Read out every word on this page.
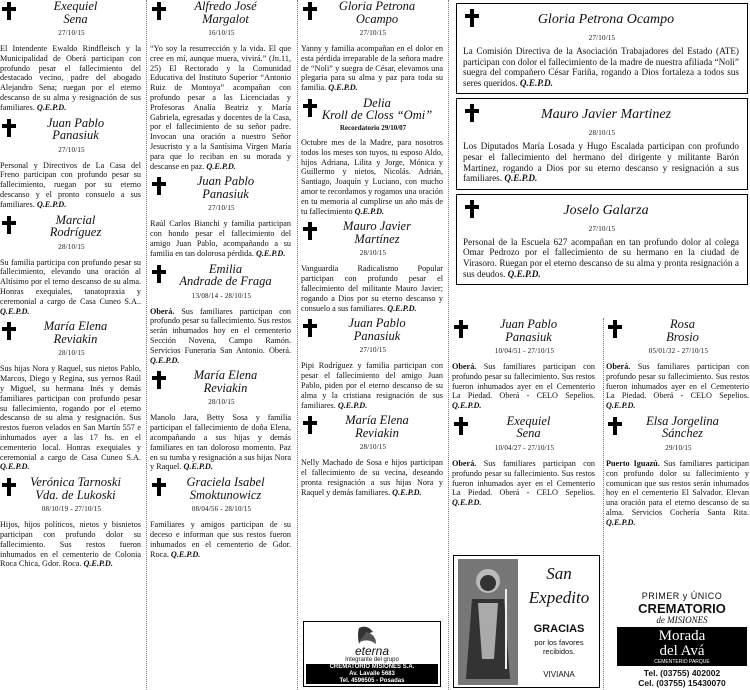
Exequiel
Sena
27/10/15
El Intendente Ewaldo Rindfleisch y la Municipalidad de Oberá participan con profundo pesar el fallecimiento del destacado vecino, padre del abogado Alejandro Sena; ruegan por el eterno descanso de su alma y resignación de sus familiares. Q.E.P.D.
Juan Pablo
Panasiuk
27/10/15
Personal y Directivos de La Casa del Freno participan con profundo pesar su fallecimiento, ruegan por su eterno descanso y el pronto consuelo a sus familiares. Q.E.P.D.
Marcial
Rodríguez
28/10/15
Su familia participa con profundo pesar su fallecimiento, elevando una oración al Altísimo por el terno descanso de su alma. Honras exequiales, tanatopraxia y ceremonial a cargo de Casa Cuneo S.A.. Q.E.P.D.
María Elena
Reviakin
28/10/15
Sus hijas Nora y Raquel, sus nietos Pablo, Marcos, Diego y Regina, sus yernos Raúl y Miguel, su hermana Inés y demás familiares participan con profundo pesar su fallecimiento, rogando por el eterno descanso de su alma y resignación. Sus restos fueron velados en San Martín 557 e inhumados ayer a las 17 hs. en el cementerio local. Honras exequiales y ceremonial a cargo de Casa Cuneo S.A. Q.E.P.D.
Verónica Tarnoski
Vda. de Lukoski
08/10/19 - 27/10/15
Hijos, hijos políticos, nietos y bisnietos participan con profundo dolor su fallecimiento. Sus restos fueron inhumados en el cementerio de Colonia Roca Chica, Gdor. Roca. Q.E.P.D.
Alfredo José
Margalot
16/10/15
“Yo soy la resurrección y la vida. El que cree en mí, aunque muera, vivirá.” (Jn.11, 25) El Rectorado y la Comunidad Educativa del Instituto Superior “Antonio Ruiz de Montoya” acompañan con profundo pesar a las Licenciadas y Profesoras Analía Beatriz y María Gabriela, egresadas y docentes de la Casa, por el fallecimiento de su señor padre. Invocan una oración a nuestro Señor Jesucristo y a la Santísima Virgen María para que lo reciban en su morada y descanse en paz. Q.E.P.D.
Juan Pablo
Panasiuk
27/10/15
Raúl Carlos Bianchi y familia participan con hondo pesar el fallecimiento del amigo Juan Pablo, acompañando a su familia en tan dolorosa pérdida. Q.E.P.D.
Emilia
Andrade de Fraga
13/08/14 - 28/10/15
Oberá. Sus familiares participan con profundo pesar su fallecimiento. Sus restos serán inhumados hoy en el cementerio Sección Novena, Campo Ramón. Servicios Funeraria San Antonio. Oberá. Q.E.P.D.
María Elena
Reviakin
28/10/15
Manolo Jara, Betty Sosa y familia participan el fallecimiento de doña Elena, acompañando a sus hijas y demás familiares en tan doloroso momento. Paz en su tumba y resignación a sus hijas Nora y Raquel. Q.E.P.D.
Graciela Isabel
Smoktunowicz
08/04/56 - 28/10/15
Familiares y amigos participan de su deceso e informan que sus restos fueron inhumados en el cementerio de Gdor. Roca. Q.E.P.D.
Gloria Petrona
Ocampo
27/10/15
Yanny y familia acompañan en el dolor en esta pérdida irreparable de la señora madre de “Noli” y suegra de César, elevamos una plegaria para su alma y paz para toda su familia. Q.E.P.D.
Delia
Kroll de Closs “Omi”
Recordatorio 29/10/07
Octubre mes de la Madre, para nosotros todos los meses son tuyos, tu esposo Aldo, hijos Adriana, Lilita y Jorge, Mónica y Guillermo y nietos, Nicolás. Adrián, Santiago, Joaquín y Luciano, con mucho amor te recordamos y rogamos una oración en tu memoria al cumplirse un año más de tu fallecimiento Q.E.P.D.
Mauro Javier
Martínez
28/10/15
Vanguardia Radicalismo Popular participan con profundo pesar el fallecimiento del militante Mauro Javier; rogando a Dios por su eterno descanso y consuelo a sus familiares. Q.E.P.D.
Juan Pablo
Panasiuk
27/10/15
Pipi Rodríguez y familia participan con pesar el fallecimiento del amigo Juan Pablo, piden por el eterno descanso de su alma y la cristiana resignación de sus familiares. Q.E.P.D.
María Elena
Reviakin
28/10/15
Nelly Machado de Sosa e hijos participan el fallecimiento de su vecina, deseando pronta resignación a sus hijas Nora y Raquel y demás familiares. Q.E.P.D.
eterna
Integrante del grupo
CREMATORIO MISIONES S.A.
Av. Lavalle 5683
Tel. 4596505 - Posadas
Gloria Petrona Ocampo
27/10/15
La Comisión Directiva de la Asociación Trabajadores del Estado (ATE) participan con dolor el fallecimiento de la madre de nuestra afiliada “Noli” suegra del compañero César Fariña, rogando a Dios fortaleza a todos sus seres queridos. Q.E.P.D.
Mauro Javier Martinez
28/10/15
Los Diputados María Losada y Hugo Escalada participan con profundo pesar el fallecimiento del hermano del dirigente y militante Barón Martínez, rogando a Dios por su eterno descanso y resignación a sus familiares. Q.E.P.D.
Joselo Galarza
27/10/15
Personal de la Escuela 627 acompañan en tan profundo dolor al colega Omar Pedrozo por el fallecimiento de su hermano en la ciudad de Virasoro. Ruegan por el eterno descanso de su alma y pronta resignación a sus deudos. Q.E.P.D.
Juan Pablo
Panasiuk
10/04/51 - 27/10/15
Oberá. Sus familiares participan con profundo pesar su fallecimiento. Sus restos fueron inhumados ayer en el Cementerio La Piedad. Oberá - CELO Sepelios. Q.E.P.D.
Exequiel
Sena
10/04/27 - 27/10/15
Oberá. Sus familiares participan con profundo pesar su fallecimiento. Sus restos fueron inhumados ayer en el Cementerio La Piedad. Oberá - CELO Sepelios. Q.E.P.D.
Rosa
Brosio
05/01/32 - 27/10/15
Oberá. Sus familiares participan con profundo pesar su fallecimiento. Sus restos fueron inhumados ayer en el Cementerio La Piedad. Oberá - CELO Sepelios. Q.E.P.D.
Elsa Jorgelina
Sánchez
29/10/15
Puerto Iguazú. Sus familiares participan con profundo dolor su fallecimiento y comunican que sus restos serán inhumados hoy en el cementerio El Salvador. Elevan una oración para el eterno descanso de su alma. Servicios Cochería Santa Rita. Q.E.P.D.
San
Expedito
GRACIAS
por los favores recibidos.
VIVIANA
PRIMER y ÚNICO
CREMATORIO
de MISIONES
Morada
del Avá
CEMENTERIO PARQUE
Tel. (03755) 402002
Cel. (03755) 15430070
